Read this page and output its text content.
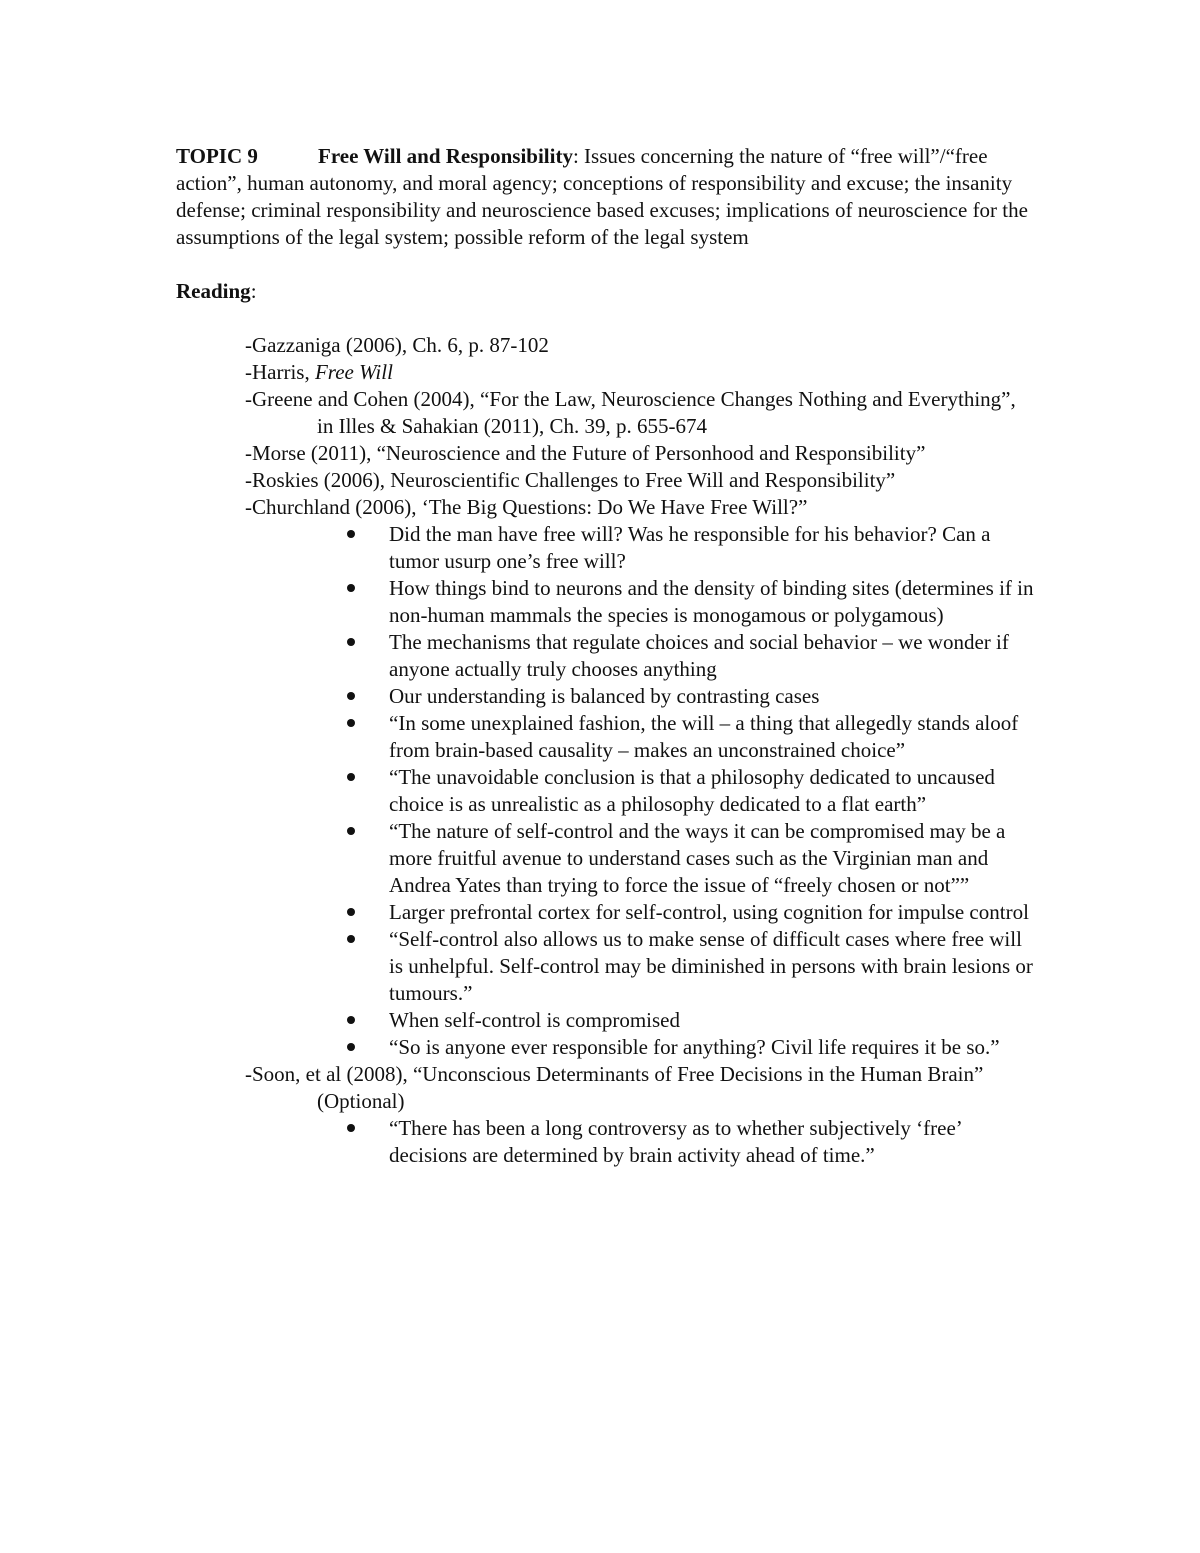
TOPIC 9	Free Will and Responsibility: Issues concerning the nature of “free will”/“free action”, human autonomy, and moral agency; conceptions of responsibility and excuse; the insanity defense; criminal responsibility and neuroscience based excuses; implications of neuroscience for the assumptions of the legal system; possible reform of the legal system

Reading:

-Gazzaniga (2006), Ch. 6, p. 87-102
-Harris, Free Will
-Greene and Cohen (2004), “For the Law, Neuroscience Changes Nothing and Everything”, in Illes & Sahakian (2011), Ch. 39, p. 655-674
-Morse (2011), “Neuroscience and the Future of Personhood and Responsibility”
-Roskies (2006), Neuroscientific Challenges to Free Will and Responsibility”
-Churchland (2006), ‘The Big Questions: Do We Have Free Will?”
Did the man have free will? Was he responsible for his behavior? Can a tumor usurp one’s free will?
How things bind to neurons and the density of binding sites (determines if in non-human mammals the species is monogamous or polygamous)
The mechanisms that regulate choices and social behavior – we wonder if anyone actually truly chooses anything
Our understanding is balanced by contrasting cases
“In some unexplained fashion, the will – a thing that allegedly stands aloof from brain-based causality – makes an unconstrained choice”
“The unavoidable conclusion is that a philosophy dedicated to uncaused choice is as unrealistic as a philosophy dedicated to a flat earth”
“The nature of self-control and the ways it can be compromised may be a more fruitful avenue to understand cases such as the Virginian man and Andrea Yates than trying to force the issue of “freely chosen or not””
Larger prefrontal cortex for self-control, using cognition for impulse control
“Self-control also allows us to make sense of difficult cases where free will is unhelpful. Self-control may be diminished in persons with brain lesions or tumours.”
When self-control is compromised
“So is anyone ever responsible for anything? Civil life requires it be so.”
-Soon, et al (2008), “Unconscious Determinants of Free Decisions in the Human Brain” (Optional)
“There has been a long controversy as to whether subjectively ‘free’ decisions are determined by brain activity ahead of time.”
